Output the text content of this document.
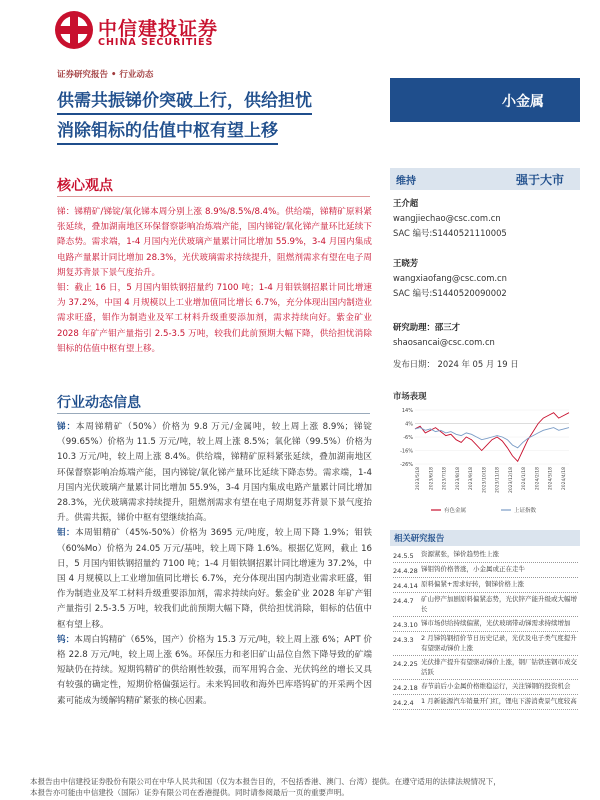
中信建投证券
CHINA SECURITIES
证券研究报告 • 行业动态
供需共振锑价突破上行，供给担忧
消除钼标的估值中枢有望上移
小金属
核心观点

锑：锑精矿/锑锭/氧化锑本周分别上涨 8.9%/8.5%/8.4%。供给端，锑精矿原料紧张延续，叠加湖南地区环保督察影响冶炼端产能，国内锑锭/氧化锑产量环比延续下降态势。需求端，1-4 月国内光伏玻璃产量累计同比增加 55.9%，3-4 月国内集成电路产量累计同比增加 28.3%，光伏玻璃需求持续提升，阻燃剂需求有望在电子周期复苏背景下景气度抬升。

钼：截止 16 日，5 月国内钼铁钢招量约 7100 吨；1-4 月钼铁钢招累计同比增速为 37.2%，中国 4 月规模以上工业增加值同比增长 6.7%，充分体现出国内制造业需求旺盛，钼作为制造业及军工材料升级重要添加剂，需求持续向好。紫金矿业 2028 年矿产钼产量指引 2.5-3.5 万吨，较我们此前预期大幅下降，供给担忧消除钼标的估值中枢有望上移。

行业动态信息

锑：本周锑精矿（50%）价格为 9.8 万元/金属吨，较上周上涨 8.9%；锑锭（99.65%）价格为 11.5 万元/吨，较上周上涨 8.5%；氧化锑（99.5%）价格为 10.3 万元/吨，较上周上涨 8.4%。供给端，锑精矿原料紧张延续，叠加湖南地区环保督察影响冶炼端产能，国内锑锭/氧化锑产量环比延续下降态势。需求端，1-4 月国内光伏玻璃产量累计同比增加 55.9%，3-4 月国内集成电路产量累计同比增加 28.3%，光伏玻璃需求持续提升，阻燃剂需求有望在电子周期复苏背景下景气度抬升。供需共振，锑价中枢有望继续抬高。

钼：本周钼精矿（45%-50%）价格为 3695 元/吨度，较上周下降 1.9%；钼铁（60%Mo）价格为 24.05 万元/基吨，较上周下降 1.6%。根据亿览网，截止 16 日，5 月国内钼铁钢招量约 7100 吨；1-4 月钼铁钢招累计同比增速为 37.2%，中国 4 月规模以上工业增加值同比增长 6.7%，充分体现出国内制造业需求旺盛，钼作为制造业及军工材料升级重要添加剂，需求持续向好。紫金矿业 2028 年矿产钼产量指引 2.5-3.5 万吨，较我们此前预期大幅下降，供给担忧消除，钼标的估值中枢有望上移。

钨：本周白钨精矿（65%，国产）价格为 15.3 万元/吨，较上周上涨 6%；APT 价格 22.8 万元/吨，较上周上涨 6%。环保压力和老旧矿山品位自然下降导致的矿端短缺仍在持续。短期钨精矿的供给刚性较强，而军用钨合金、光伏钨丝的增长又具有较强的确定性，短期价格偏强运行。未来钨回收和海外巴库塔钨矿的开采两个因素可能成为缓解钨精矿紧张的核心因素。

维持	强于大市
王介超
wangjiechao@csc.com.cn
SAC 编号:S1440521110005
王晓芳
wangxiaofang@csc.com.cn
SAC 编号:S1440520090002
研究助理：邵三才
shaosancai@csc.com.cn
发布日期： 2024 年 05 月 19 日
市场表现
14%
4%
-6%
-16%
-26%
2023/5/18 2023/6/18 2023/7/18 2023/8/18 2023/9/18 2023/10/18 2023/11/18 2023/12/18 2024/1/18 2024/2/18 2024/3/18 2024/4/18
有色金属	上证指数
相关研究报告
24.5.5	资源紧张，锑价趋势性上涨
24.4.28 锑钼钨价格普涨，小金属或正在走牛
24.4.14 原料偏紧+需求好转，铜锑价格上涨
24.4.7	矿山停产加剧原料偏紧态势，光伏锌产能升级或大幅增长
24.3.10 锑市场供给持续偏紧，光伏玻璃带动锑需求持续增加
24.3.3	2 月锑钨钢招价节日历史记录，光伏及电子类气度提升有望驱动锑价上涨
24.2.25 光伏排产提升有望驱动锑价上涨，钢厂钴铁连钢市成交活跃
24.2.18 春节前后小金属价格维稳运行，关注锑钢的投资机会
24.2.4	1 月新能源汽车销量开门红，锂电下游消费景气度较高
本报告由中信建投证券股份有限公司在中华人民共和国（仅为本报告目的，不包括香港、澳门、台湾）提供。在遵守适用的法律法规情况下，
本报告亦可能由中信建投（国际）证券有限公司在香港提供。同时请参阅最后一页的重要声明。
